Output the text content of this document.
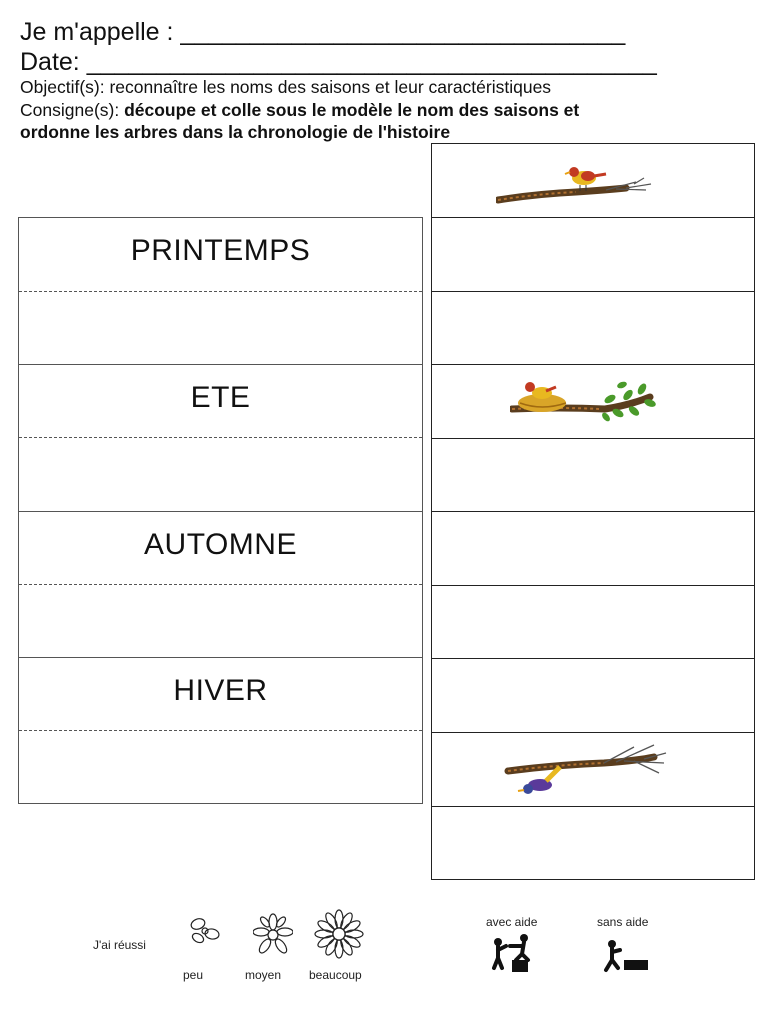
Je m'appelle : ________________________________
Date: _________________________________________
Objectif(s): reconnaître les noms des saisons et leur caractéristiques
Consigne(s): découpe et colle sous le modèle le nom des saisons et
ordonne les arbres dans la chronologie de l'histoire
PRINTEMPS
ETE
AUTOMNE
HIVER
J'ai réussi
peu	moyen beaucoup
avec aide	sans aide
